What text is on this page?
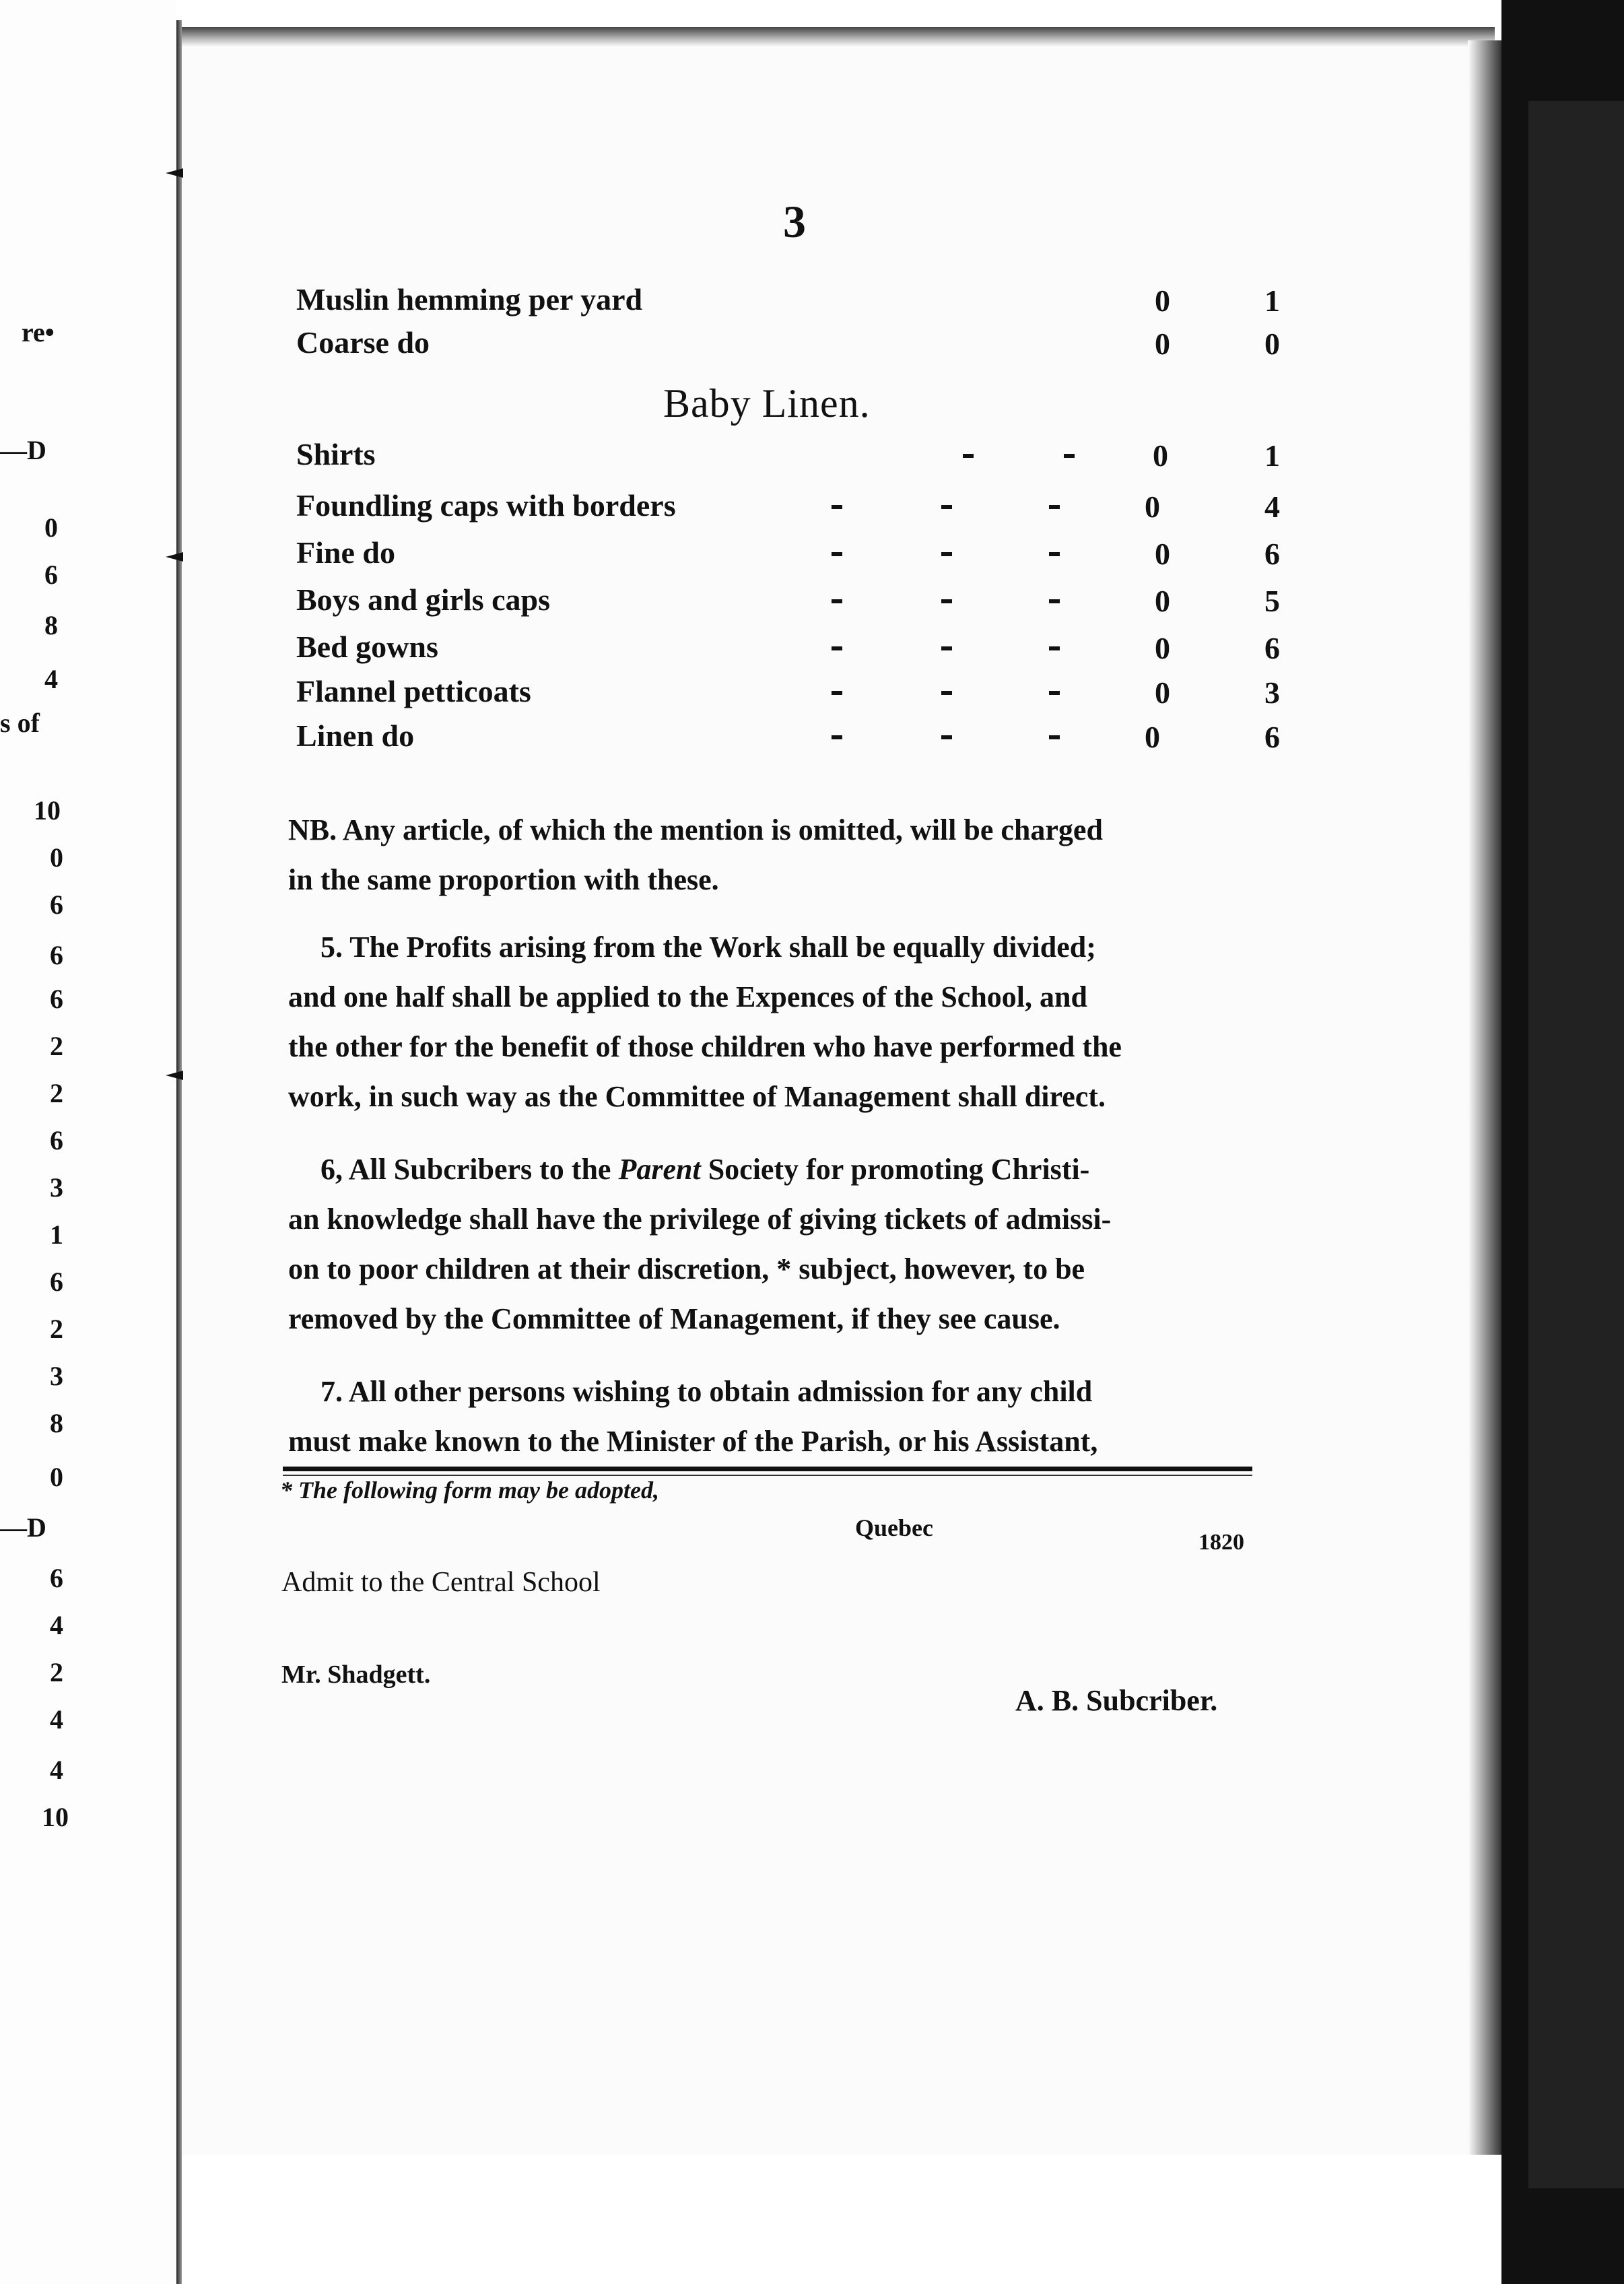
re•
—D
0
6
8
4
s of
10
0
6
6
6
2
2
6
3
1
6
2
3
8
0
—D
6
4
2
4
4
10
3
Muslin hemming per yard	0	1
Coarse do	0	0
Baby Linen.
Shirts	0	1
Foundling caps with borders	0	4
Fine do	0	6
Boys and girls caps	0	5
Bed gowns	0	6
Flannel petticoats	0	3
Linen do	0	6
NB. Any article, of which the mention is omitted, will be charged
in the same proportion with these.
5. The Profits arising from the Work shall be equally divided;
and one half shall be applied to the Expences of the School, and
the other for the benefit of those children who have performed the
work, in such way as the Committee of Management shall direct.
6, All Subcribers to the Parent Society for promoting Christi-
an knowledge shall have the privilege of giving tickets of admissi-
on to poor children at their discretion, * subject, however, to be
removed by the Committee of Management, if they see cause.
7. All other persons wishing to obtain admission for any child
must make known to the Minister of the Parish, or his Assistant,
* The following form may be adopted,
Quebec
1820
Admit to the Central School
Mr. Shadgett.
A. B. Subcriber.
